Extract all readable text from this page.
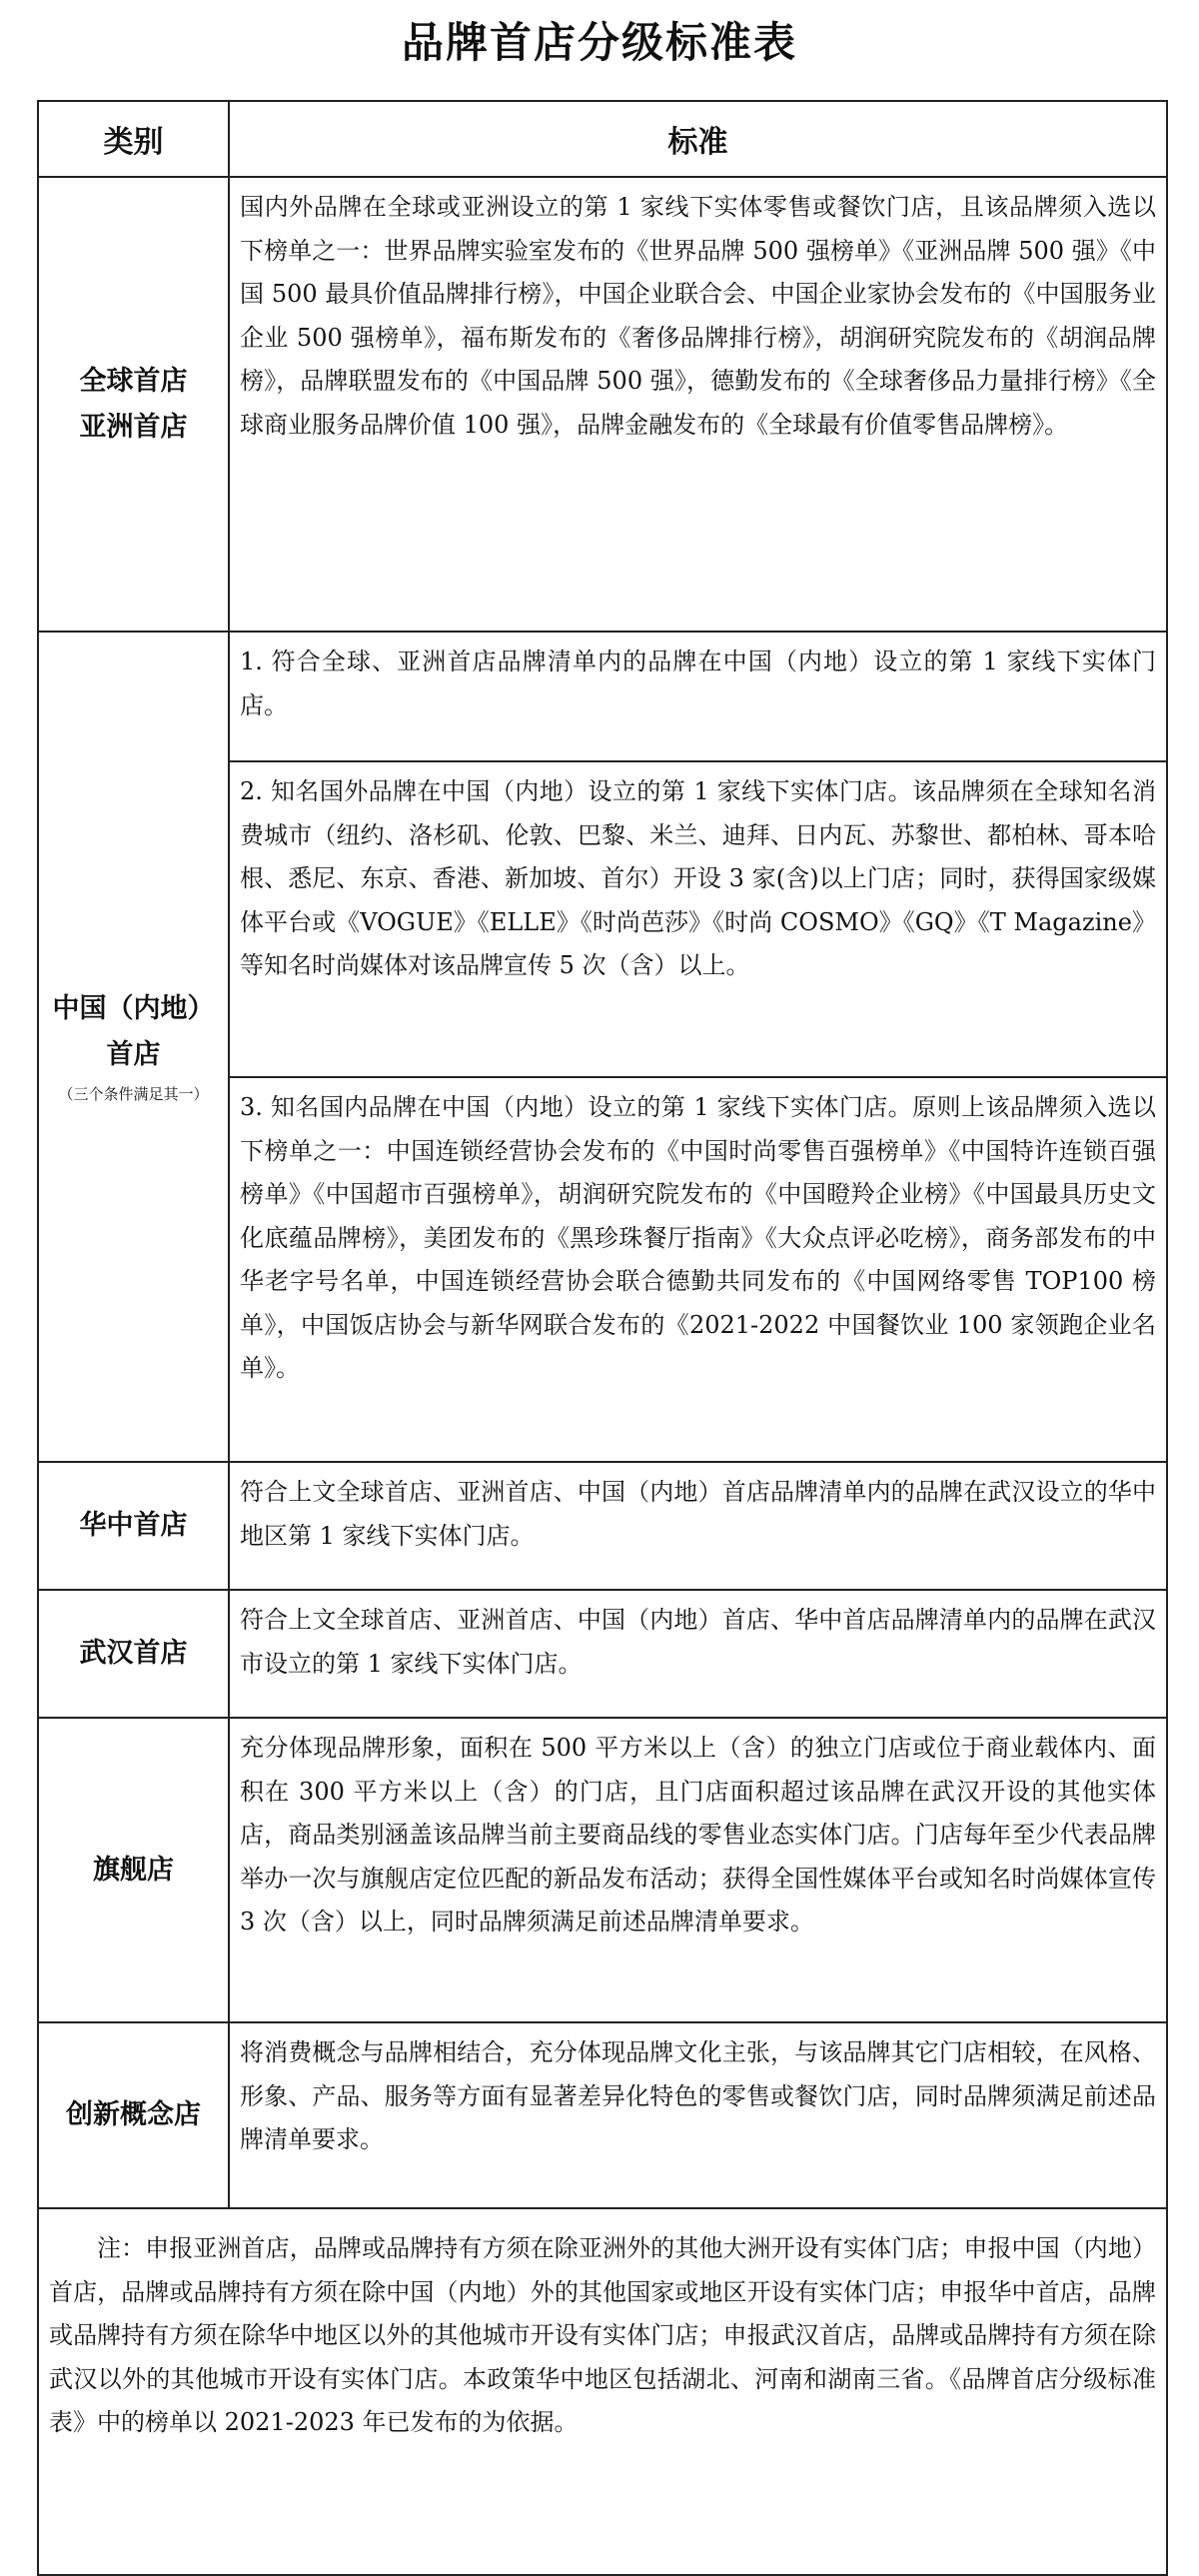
品牌首店分级标准表
类别	标准
全球首店
亚洲首店	国内外品牌在全球或亚洲设立的第 1 家线下实体零售或餐饮门店，且该品牌须入选以下榜单之一：世界品牌实验室发布的《世界品牌 500 强榜单》《亚洲品牌 500 强》《中国 500 最具价值品牌排行榜》，中国企业联合会、中国企业家协会发布的《中国服务业企业 500 强榜单》，福布斯发布的《奢侈品牌排行榜》，胡润研究院发布的《胡润品牌榜》，品牌联盟发布的《中国品牌 500 强》，德勤发布的《全球奢侈品力量排行榜》《全球商业服务品牌价值 100 强》，品牌金融发布的《全球最有价值零售品牌榜》。
中国（内地）
首店
（三个条件满足其一）	1. 符合全球、亚洲首店品牌清单内的品牌在中国（内地）设立的第 1 家线下实体门店。
	2. 知名国外品牌在中国（内地）设立的第 1 家线下实体门店。该品牌须在全球知名消费城市（纽约、洛杉矶、伦敦、巴黎、米兰、迪拜、日内瓦、苏黎世、都柏林、哥本哈根、悉尼、东京、香港、新加坡、首尔）开设 3 家(含)以上门店；同时，获得国家级媒体平台或《VOGUE》《ELLE》《时尚芭莎》《时尚 COSMO》《GQ》《T Magazine》等知名时尚媒体对该品牌宣传 5 次（含）以上。
	3. 知名国内品牌在中国（内地）设立的第 1 家线下实体门店。原则上该品牌须入选以下榜单之一：中国连锁经营协会发布的《中国时尚零售百强榜单》《中国特许连锁百强榜单》《中国超市百强榜单》，胡润研究院发布的《中国瞪羚企业榜》《中国最具历史文化底蕴品牌榜》，美团发布的《黑珍珠餐厅指南》《大众点评必吃榜》，商务部发布的中华老字号名单，中国连锁经营协会联合德勤共同发布的《中国网络零售 TOP100 榜单》，中国饭店协会与新华网联合发布的《2021-2022 中国餐饮业 100 家领跑企业名单》。
华中首店	符合上文全球首店、亚洲首店、中国（内地）首店品牌清单内的品牌在武汉设立的华中地区第 1 家线下实体门店。
武汉首店	符合上文全球首店、亚洲首店、中国（内地）首店、华中首店品牌清单内的品牌在武汉市设立的第 1 家线下实体门店。
旗舰店	充分体现品牌形象，面积在 500 平方米以上（含）的独立门店或位于商业载体内、面积在 300 平方米以上（含）的门店，且门店面积超过该品牌在武汉开设的其他实体店，商品类别涵盖该品牌当前主要商品线的零售业态实体门店。门店每年至少代表品牌举办一次与旗舰店定位匹配的新品发布活动；获得全国性媒体平台或知名时尚媒体宣传 3 次（含）以上，同时品牌须满足前述品牌清单要求。
创新概念店	将消费概念与品牌相结合，充分体现品牌文化主张，与该品牌其它门店相较，在风格、形象、产品、服务等方面有显著差异化特色的零售或餐饮门店，同时品牌须满足前述品牌清单要求。
注：申报亚洲首店，品牌或品牌持有方须在除亚洲外的其他大洲开设有实体门店；申报中国（内地）首店，品牌或品牌持有方须在除中国（内地）外的其他国家或地区开设有实体门店；申报华中首店，品牌或品牌持有方须在除华中地区以外的其他城市开设有实体门店；申报武汉首店，品牌或品牌持有方须在除武汉以外的其他城市开设有实体门店。本政策华中地区包括湖北、河南和湖南三省。《品牌首店分级标准表》中的榜单以 2021-2023 年已发布的为依据。	
